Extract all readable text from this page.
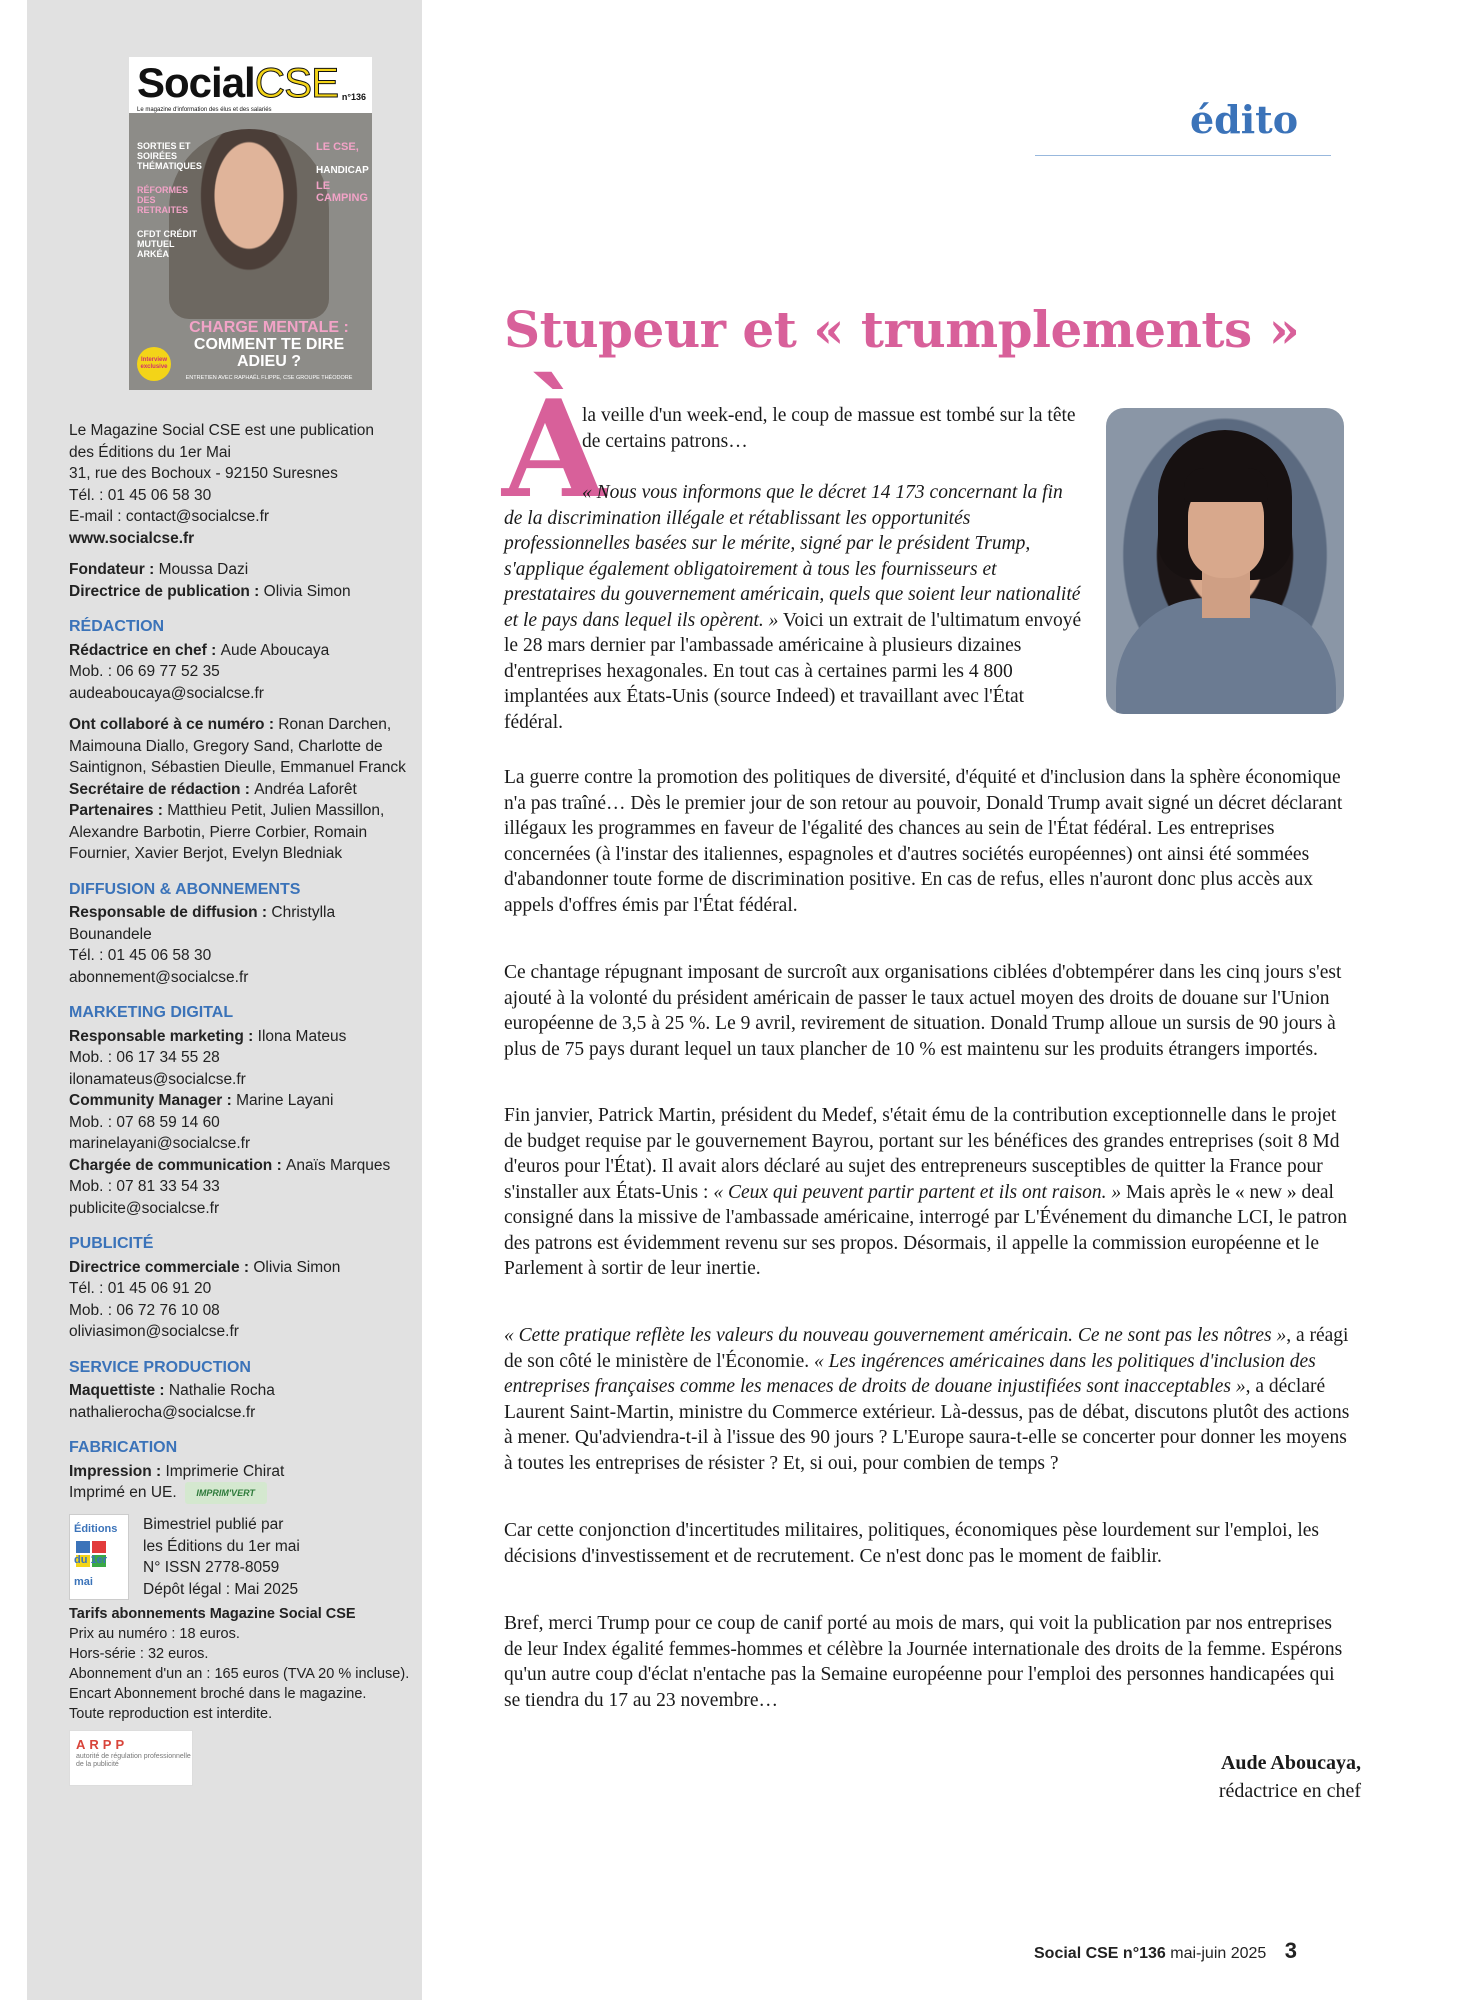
SocialCSE
Le magazine d'information des élus et des salariés
n°136
SORTIES ET SOIRÉES THÉMATIQUES
RÉFORMES DES RETRAITES
CFDT CRÉDIT MUTUEL ARKÉA
LE CSE,
HANDICAP
LE CAMPING
CHARGE MENTALE :
COMMENT TE DIRE ADIEU ?
ENTRETIEN AVEC RAPHAËL FLIPPE, CSE GROUPE THÉODORE
Interview exclusive

Le Magazine Social CSE est une publication
des Éditions du 1er Mai
31, rue des Bochoux - 92150 Suresnes
Tél. : 01 45 06 58 30
E-mail : contact@socialcse.fr
www.socialcse.fr

Fondateur : Moussa Dazi
Directrice de publication : Olivia Simon

RÉDACTION

Rédactrice en chef : Aude Aboucaya
Mob. : 06 69 77 52 35
audeaboucaya@socialcse.fr

Ont collaboré à ce numéro : Ronan Darchen, Maimouna Diallo, Gregory Sand, Charlotte de Saintignon, Sébastien Dieulle, Emmanuel Franck
Secrétaire de rédaction : Andréa Laforêt
Partenaires : Matthieu Petit, Julien Massillon, Alexandre Barbotin, Pierre Corbier, Romain Fournier, Xavier Berjot, Evelyn Bledniak

DIFFUSION & ABONNEMENTS

Responsable de diffusion : Christylla Bounandele
Tél. : 01 45 06 58 30
abonnement@socialcse.fr

MARKETING DIGITAL

Responsable marketing : Ilona Mateus
Mob. : 06 17 34 55 28
ilonamateus@socialcse.fr
Community Manager : Marine Layani
Mob. : 07 68 59 14 60
marinelayani@socialcse.fr
Chargée de communication : Anaïs Marques
Mob. : 07 81 33 54 33
publicite@socialcse.fr

PUBLICITÉ

Directrice commerciale : Olivia Simon
Tél. : 01 45 06 91 20
Mob. : 06 72 76 10 08
oliviasimon@socialcse.fr

SERVICE PRODUCTION

Maquettiste : Nathalie Rocha
nathalierocha@socialcse.fr

FABRICATION

Impression : Imprimerie Chirat
Imprimé en UE. IMPRIM'VERT

Éditions
du 1er mai
Bimestriel publié par
les Éditions du 1er mai
N° ISSN 2778-8059
Dépôt légal : Mai 2025

Tarifs abonnements Magazine Social CSE
Prix au numéro : 18 euros.
Hors-série : 32 euros.
Abonnement d'un an : 165 euros (TVA 20 % incluse).
Encart Abonnement broché dans le magazine.
Toute reproduction est interdite.
ARPP
autorité de régulation professionnelle de la publicité

édito
Stupeur et « trumplements »
À

la veille d'un week-end, le coup de massue est tombé sur la tête de certains patrons…

« Nous vous informons que le décret 14 173 concernant la fin de la discrimination illégale et rétablissant les opportunités professionnelles basées sur le mérite, signé par le président Trump, s'applique également obligatoirement à tous les fournisseurs et prestataires du gouvernement américain, quels que soient leur nationalité et le pays dans lequel ils opèrent. » Voici un extrait de l'ultimatum envoyé le 28 mars dernier par l'ambassade américaine à plusieurs dizaines d'entreprises hexagonales. En tout cas à certaines parmi les 4 800 implantées aux États-Unis (source Indeed) et travaillant avec l'État fédéral.

La guerre contre la promotion des politiques de diversité, d'équité et d'inclusion dans la sphère économique n'a pas traîné… Dès le premier jour de son retour au pouvoir, Donald Trump avait signé un décret déclarant illégaux les programmes en faveur de l'égalité des chances au sein de l'État fédéral. Les entreprises concernées (à l'instar des italiennes, espagnoles et d'autres sociétés européennes) ont ainsi été sommées d'abandonner toute forme de discrimination positive. En cas de refus, elles n'auront donc plus accès aux appels d'offres émis par l'État fédéral.

Ce chantage répugnant imposant de surcroît aux organisations ciblées d'obtempérer dans les cinq jours s'est ajouté à la volonté du président américain de passer le taux actuel moyen des droits de douane sur l'Union européenne de 3,5 à 25 %. Le 9 avril, revirement de situation. Donald Trump alloue un sursis de 90 jours à plus de 75 pays durant lequel un taux plancher de 10 % est maintenu sur les produits étrangers importés.

Fin janvier, Patrick Martin, président du Medef, s'était ému de la contribution exceptionnelle dans le projet de budget requise par le gouvernement Bayrou, portant sur les bénéfices des grandes entreprises (soit 8 Md d'euros pour l'État). Il avait alors déclaré au sujet des entrepreneurs susceptibles de quitter la France pour s'installer aux États-Unis : « Ceux qui peuvent partir partent et ils ont raison. » Mais après le « new » deal consigné dans la missive de l'ambassade américaine, interrogé par L'Événement du dimanche LCI, le patron des patrons est évidemment revenu sur ses propos. Désormais, il appelle la commission européenne et le Parlement à sortir de leur inertie.

« Cette pratique reflète les valeurs du nouveau gouvernement américain. Ce ne sont pas les nôtres », a réagi de son côté le ministère de l'Économie. « Les ingérences américaines dans les politiques d'inclusion des entreprises françaises comme les menaces de droits de douane injustifiées sont inacceptables », a déclaré Laurent Saint-Martin, ministre du Commerce extérieur. Là-dessus, pas de débat, discutons plutôt des actions à mener. Qu'adviendra-t-il à l'issue des 90 jours ? L'Europe saura-t-elle se concerter pour donner les moyens à toutes les entreprises de résister ? Et, si oui, pour combien de temps ?

Car cette conjonction d'incertitudes militaires, politiques, économiques pèse lourdement sur l'emploi, les décisions d'investissement et de recrutement. Ce n'est donc pas le moment de faiblir.

Bref, merci Trump pour ce coup de canif porté au mois de mars, qui voit la publication par nos entreprises de leur Index égalité femmes-hommes et célèbre la Journée internationale des droits de la femme. Espérons qu'un autre coup d'éclat n'entache pas la Semaine européenne pour l'emploi des personnes handicapées qui se tiendra du 17 au 23 novembre…

Aude Aboucaya,
rédactrice en chef
Social CSE n°136 mai-juin 2025 3
